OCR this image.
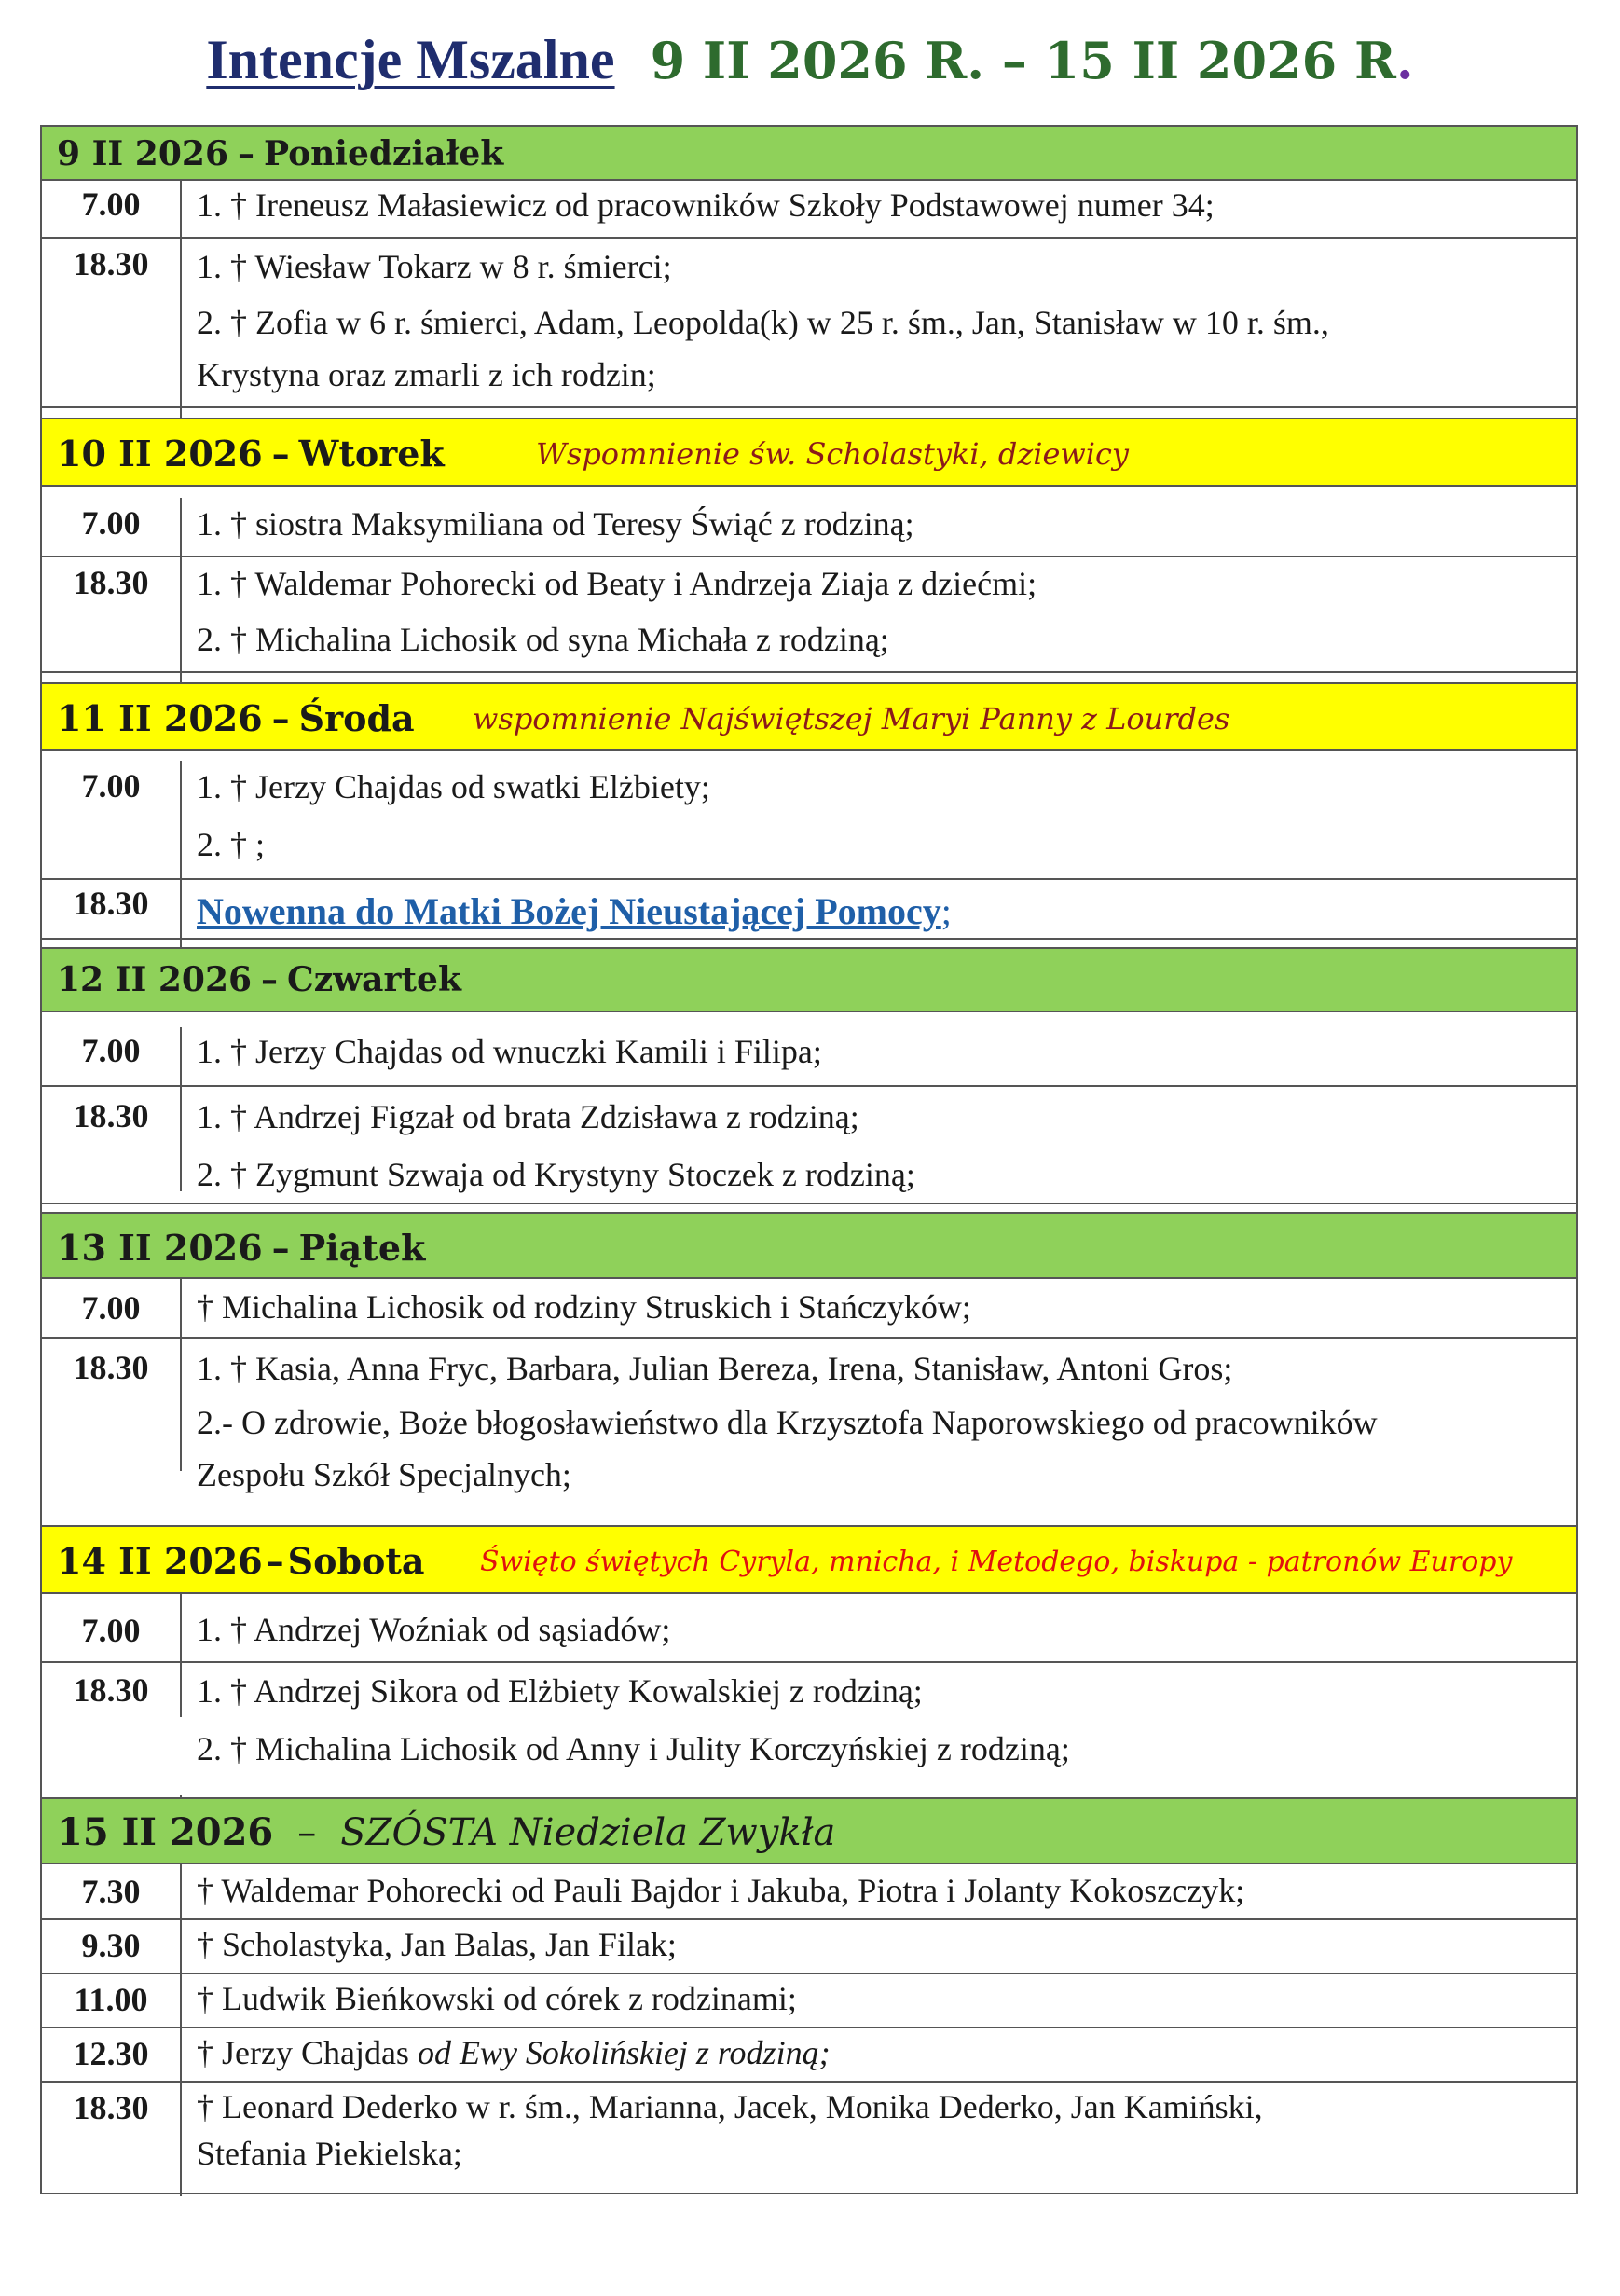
Intencje Mszalne 9 II 2026 R. – 15 II 2026 R.
9 II 2026 – Poniedziałek
7.00	1. † Ireneusz Małasiewicz od pracowników Szkoły Podstawowej numer 34;
18.30	1. † Wiesław Tokarz w 8 r. śmierci;
2. † Zofia w 6 r. śmierci, Adam, Leopolda(k) w 25 r. śm., Jan, Stanisław w 10 r. śm.,
Krystyna oraz zmarli z ich rodzin;
10 II 2026 – Wtorek	Wspomnienie św. Scholastyki, dziewicy
7.00	1. † siostra Maksymiliana od Teresy Świąć z rodziną;
18.30	1. † Waldemar Pohorecki od Beaty i Andrzeja Ziaja z dziećmi;
2. † Michalina Lichosik od syna Michała z rodziną;
11 II 2026 – Środa wspomnienie Najświętszej Maryi Panny z Lourdes
7.00	1. † Jerzy Chajdas od swatki Elżbiety;
2. † ;
18.30	Nowenna do Matki Bożej Nieustającej Pomocy;
12 II 2026 – Czwartek
7.00	1. † Jerzy Chajdas od wnuczki Kamili i Filipa;
18.30	1. † Andrzej Figzał od brata Zdzisława z rodziną;
2. † Zygmunt Szwaja od Krystyny Stoczek z rodziną;
13 II 2026 – Piątek
7.00	† Michalina Lichosik od rodziny Struskich i Stańczyków;
18.30	1. † Kasia, Anna Fryc, Barbara, Julian Bereza, Irena, Stanisław, Antoni Gros;
2.- O zdrowie, Boże błogosławieństwo dla Krzysztofa Naporowskiego od pracowników
Zespołu Szkół Specjalnych;
14 II 2026 – Sobota Święto świętych Cyryla, mnicha, i Metodego, biskupa - patronów Europy
7.00	1. † Andrzej Woźniak od sąsiadów;
18.30	1. † Andrzej Sikora od Elżbiety Kowalskiej z rodziną;
2. † Michalina Lichosik od Anny i Julity Korczyńskiej z rodziną;
15 II 2026 – SZÓSTA Niedziela Zwykła
7.30	† Waldemar Pohorecki od Pauli Bajdor i Jakuba, Piotra i Jolanty Kokoszczyk;
9.30	† Scholastyka, Jan Balas, Jan Filak;
11.00	† Ludwik Bieńkowski od córek z rodzinami;
12.30	† Jerzy Chajdas od Ewy Sokolińskiej z rodziną;
18.30	† Leonard Dederko w r. śm., Marianna, Jacek, Monika Dederko, Jan Kamiński,
Stefania Piekielska;
